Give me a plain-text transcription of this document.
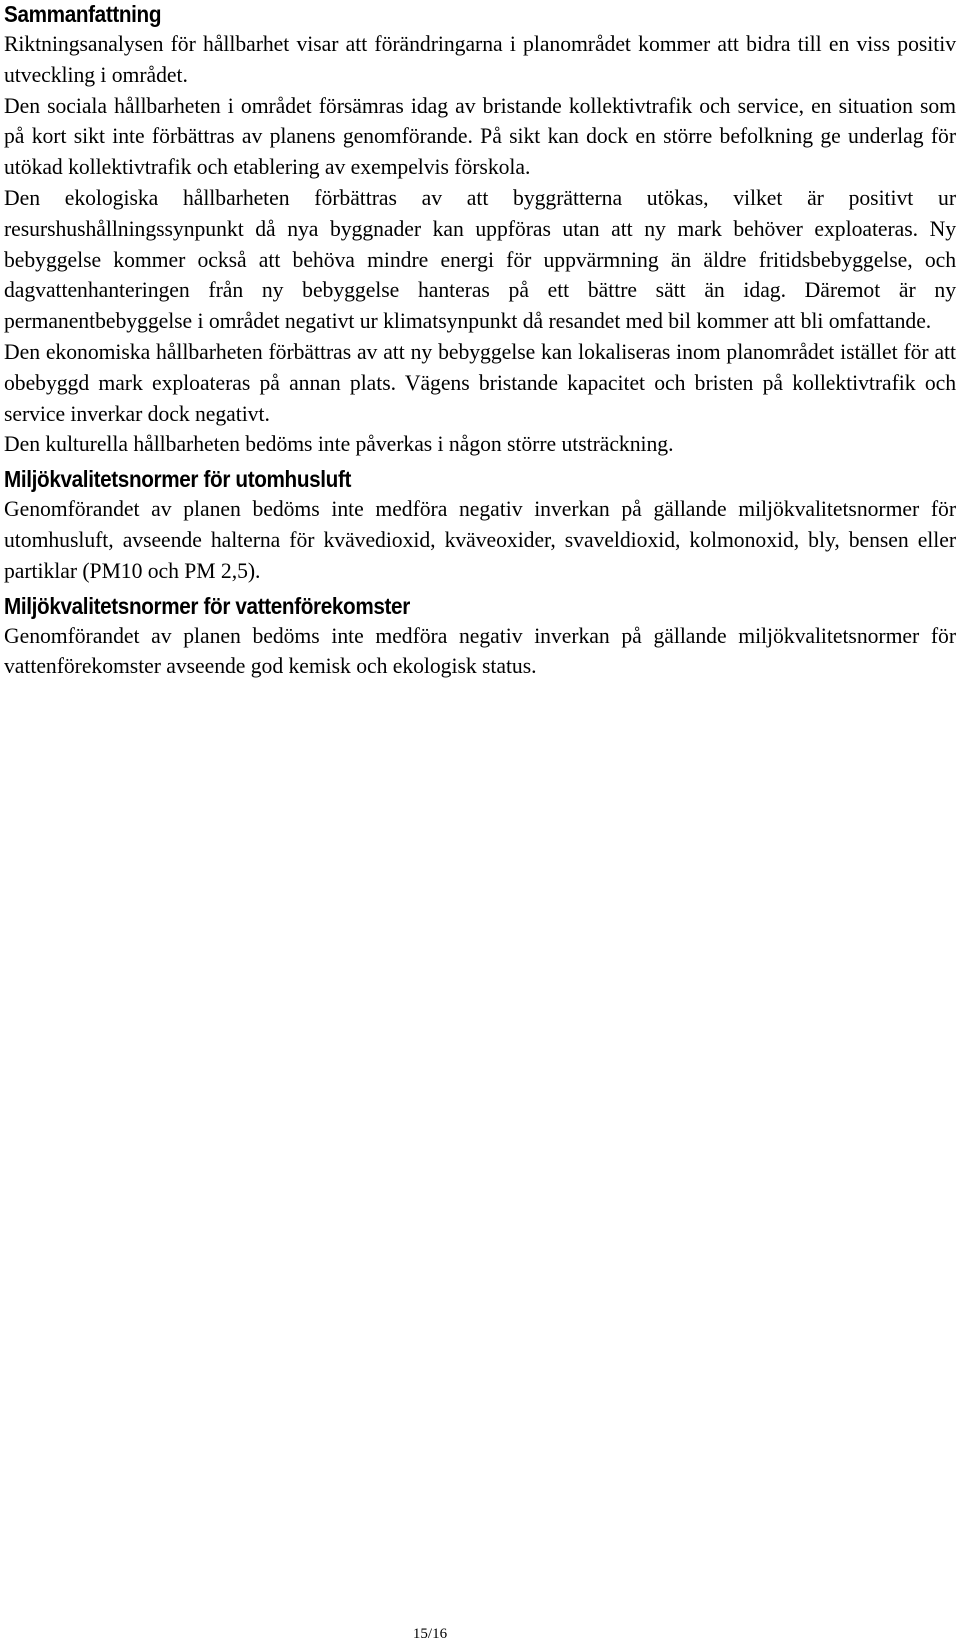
Sammanfattning

Riktningsanalysen för hållbarhet visar att förändringarna i planområdet kommer att bidra till en viss positiv utveckling i området.

Den sociala hållbarheten i området försämras idag av bristande kollektivtrafik och service, en situation som på kort sikt inte förbättras av planens genomförande. På sikt kan dock en större befolkning ge underlag för utökad kollektivtrafik och etablering av exempelvis förskola.

Den ekologiska hållbarheten förbättras av att byggrätterna utökas, vilket är positivt ur resurshushållningssynpunkt då nya byggnader kan uppföras utan att ny mark behöver exploateras. Ny bebyggelse kommer också att behöva mindre energi för uppvärmning än äldre fritidsbebyggelse, och dagvattenhanteringen från ny bebyggelse hanteras på ett bättre sätt än idag. Däremot är ny permanentbebyggelse i området negativt ur klimatsynpunkt då resandet med bil kommer att bli omfattande.

Den ekonomiska hållbarheten förbättras av att ny bebyggelse kan lokaliseras inom planområdet istället för att obebyggd mark exploateras på annan plats. Vägens bristande kapacitet och bristen på kollektivtrafik och service inverkar dock negativt.

Den kulturella hållbarheten bedöms inte påverkas i någon större utsträckning.

Miljökvalitetsnormer för utomhusluft

Genomförandet av planen bedöms inte medföra negativ inverkan på gällande miljökvalitetsnormer för utomhusluft, avseende halterna för kvävedioxid, kväveoxider, svaveldioxid, kolmonoxid, bly, bensen eller partiklar (PM10 och PM 2,5).

Miljökvalitetsnormer för vattenförekomster

Genomförandet av planen bedöms inte medföra negativ inverkan på gällande miljökvalitetsnormer för vattenförekomster avseende god kemisk och ekologisk status.

15/16
